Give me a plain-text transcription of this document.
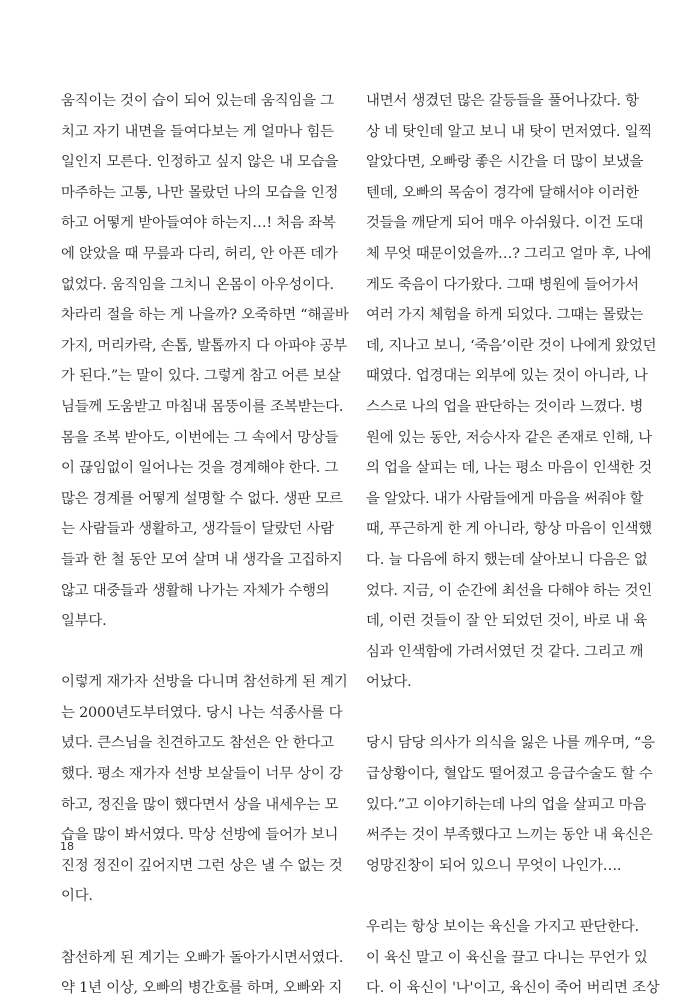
움직이는 것이 습이 되어 있는데 움직임을 그
치고 자기 내면을 들여다보는 게 얼마나 힘든
일인지 모른다. 인정하고 싶지 않은 내 모습을
마주하는 고통, 나만 몰랐던 나의 모습을 인정
하고 어떻게 받아들여야 하는지…! 처음 좌복
에 앉았을 때 무릎과 다리, 허리, 안 아픈 데가
없었다. 움직임을 그치니 온몸이 아우성이다.
차라리 절을 하는 게 나을까? 오죽하면 “해골바
가지, 머리카락, 손톱, 발톱까지 다 아파야 공부
가 된다.”는 말이 있다. 그렇게 참고 어른 보살
님들께 도움받고 마침내 몸뚱이를 조복받는다.
몸을 조복 받아도, 이번에는 그 속에서 망상들
이 끊임없이 일어나는 것을 경계해야 한다. 그
많은 경계를 어떻게 설명할 수 없다. 생판 모르
는 사람들과 생활하고, 생각들이 달랐던 사람
들과 한 철 동안 모여 살며 내 생각을 고집하지
않고 대중들과 생활해 나가는 자체가 수행의
일부다.
이렇게 재가자 선방을 다니며 참선하게 된 계기
는 2000년도부터였다. 당시 나는 석종사를 다
녔다. 큰스님을 친견하고도 참선은 안 한다고
했다. 평소 재가자 선방 보살들이 너무 상이 강
하고, 정진을 많이 했다면서 상을 내세우는 모
습을 많이 봐서였다. 막상 선방에 들어가 보니
진정 정진이 깊어지면 그런 상은 낼 수 없는 것
이다.
참선하게 된 계기는 오빠가 돌아가시면서였다.
약 1년 이상, 오빠의 병간호를 하며, 오빠와 지
내면서 생겼던 많은 갈등들을 풀어나갔다. 항
상 네 탓인데 알고 보니 내 탓이 먼저였다. 일찍
알았다면, 오빠랑 좋은 시간을 더 많이 보냈을
텐데, 오빠의 목숨이 경각에 달해서야 이러한
것들을 깨닫게 되어 매우 아쉬웠다. 이건 도대
체 무엇 때문이었을까…? 그리고 얼마 후, 나에
게도 죽음이 다가왔다. 그때 병원에 들어가서
여러 가지 체험을 하게 되었다. 그때는 몰랐는
데, 지나고 보니, ‘죽음’이란 것이 나에게 왔었던
때였다. 업경대는 외부에 있는 것이 아니라, 나
스스로 나의 업을 판단하는 것이라 느꼈다. 병
원에 있는 동안, 저승사자 같은 존재로 인해, 나
의 업을 살피는 데, 나는 평소 마음이 인색한 것
을 알았다. 내가 사람들에게 마음을 써줘야 할
때, 푸근하게 한 게 아니라, 항상 마음이 인색했
다. 늘 다음에 하지 했는데 살아보니 다음은 없
었다. 지금, 이 순간에 최선을 다해야 하는 것인
데, 이런 것들이 잘 안 되었던 것이, 바로 내 육
심과 인색함에 가려서였던 것 같다. 그리고 깨
어났다.
당시 담당 의사가 의식을 잃은 나를 깨우며, “응
급상황이다, 혈압도 떨어졌고 응급수술도 할 수
있다.”고 이야기하는데 나의 업을 살피고 마음
써주는 것이 부족했다고 느끼는 동안 내 육신은
엉망진창이 되어 있으니 무엇이 나인가….
우리는 항상 보이는 육신을 가지고 판단한다.
이 육신 말고 이 육신을 끌고 다니는 무언가 있
다. 이 육신이 '나'이고, 육신이 죽어 버리면 조상
18
